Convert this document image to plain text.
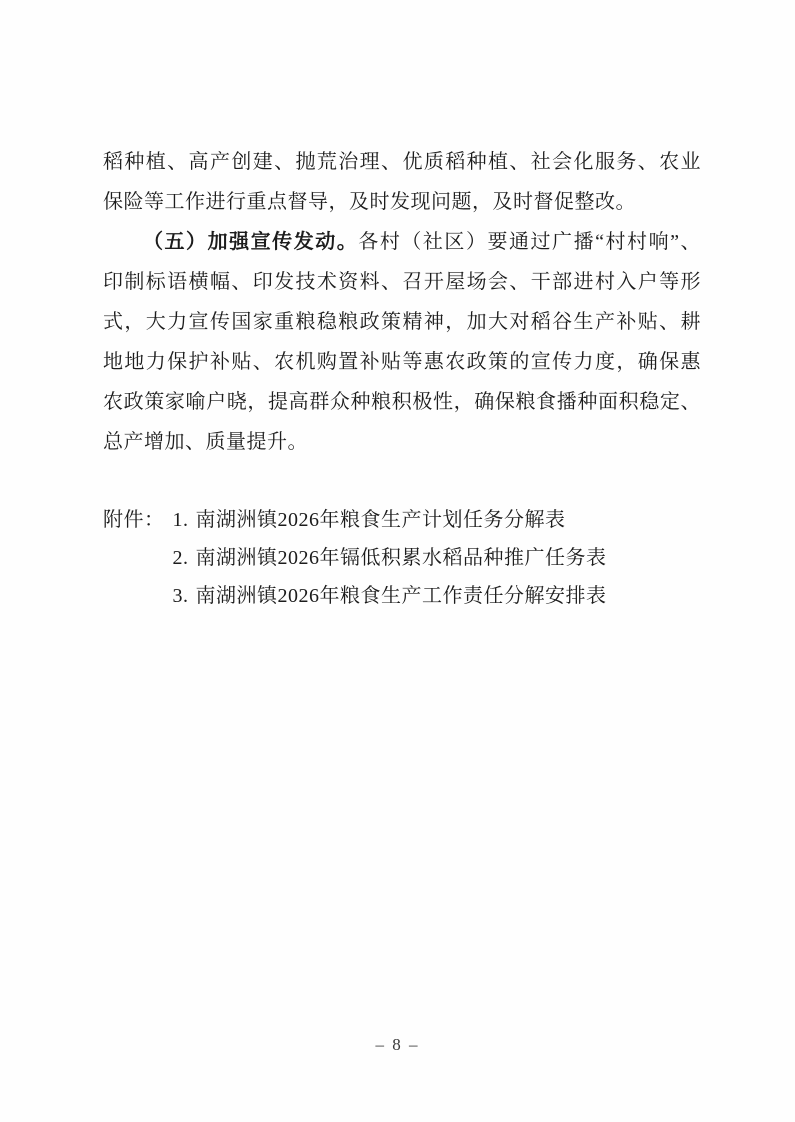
稻种植、高产创建、抛荒治理、优质稻种植、社会化服务、农业
保险等工作进行重点督导，及时发现问题，及时督促整改。
（五）加强宣传发动。各村（社区）要通过广播“村村响”、
印制标语横幅、印发技术资料、召开屋场会、干部进村入户等形
式，大力宣传国家重粮稳粮政策精神，加大对稻谷生产补贴、耕
地地力保护补贴、农机购置补贴等惠农政策的宣传力度，确保惠
农政策家喻户晓，提高群众种粮积极性，确保粮食播种面积稳定、
总产增加、质量提升。
附件： 1. 南湖洲镇2026年粮食生产计划任务分解表
2. 南湖洲镇2026年镉低积累水稻品种推广任务表
3. 南湖洲镇2026年粮食生产工作责任分解安排表
– 8 –
